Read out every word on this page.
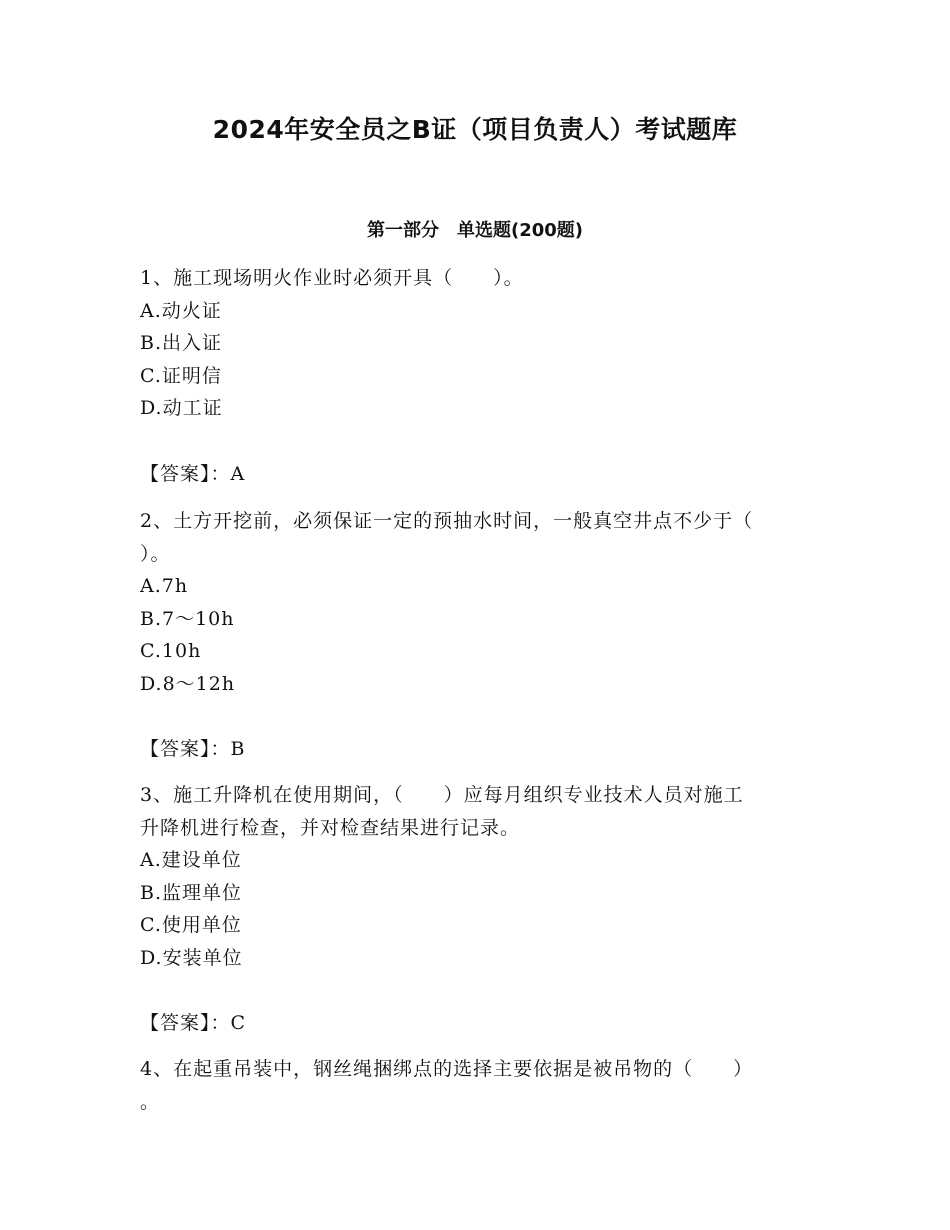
2024年安全员之B证（项目负责人）考试题库
第一部分　单选题(200题)
1、施工现场明火作业时必须开具（　　）。
A.动火证
B.出入证
C.证明信
D.动工证
【答案】：A
2、土方开挖前，必须保证一定的预抽水时间，一般真空井点不少于（
）。
A.7h
B.7～10h
C.10h
D.8～12h
【答案】：B
3、施工升降机在使用期间，（　　）应每月组织专业技术人员对施工
升降机进行检查，并对检查结果进行记录。
A.建设单位
B.监理单位
C.使用单位
D.安装单位
【答案】：C
4、在起重吊装中，钢丝绳捆绑点的选择主要依据是被吊物的（　　）
。
